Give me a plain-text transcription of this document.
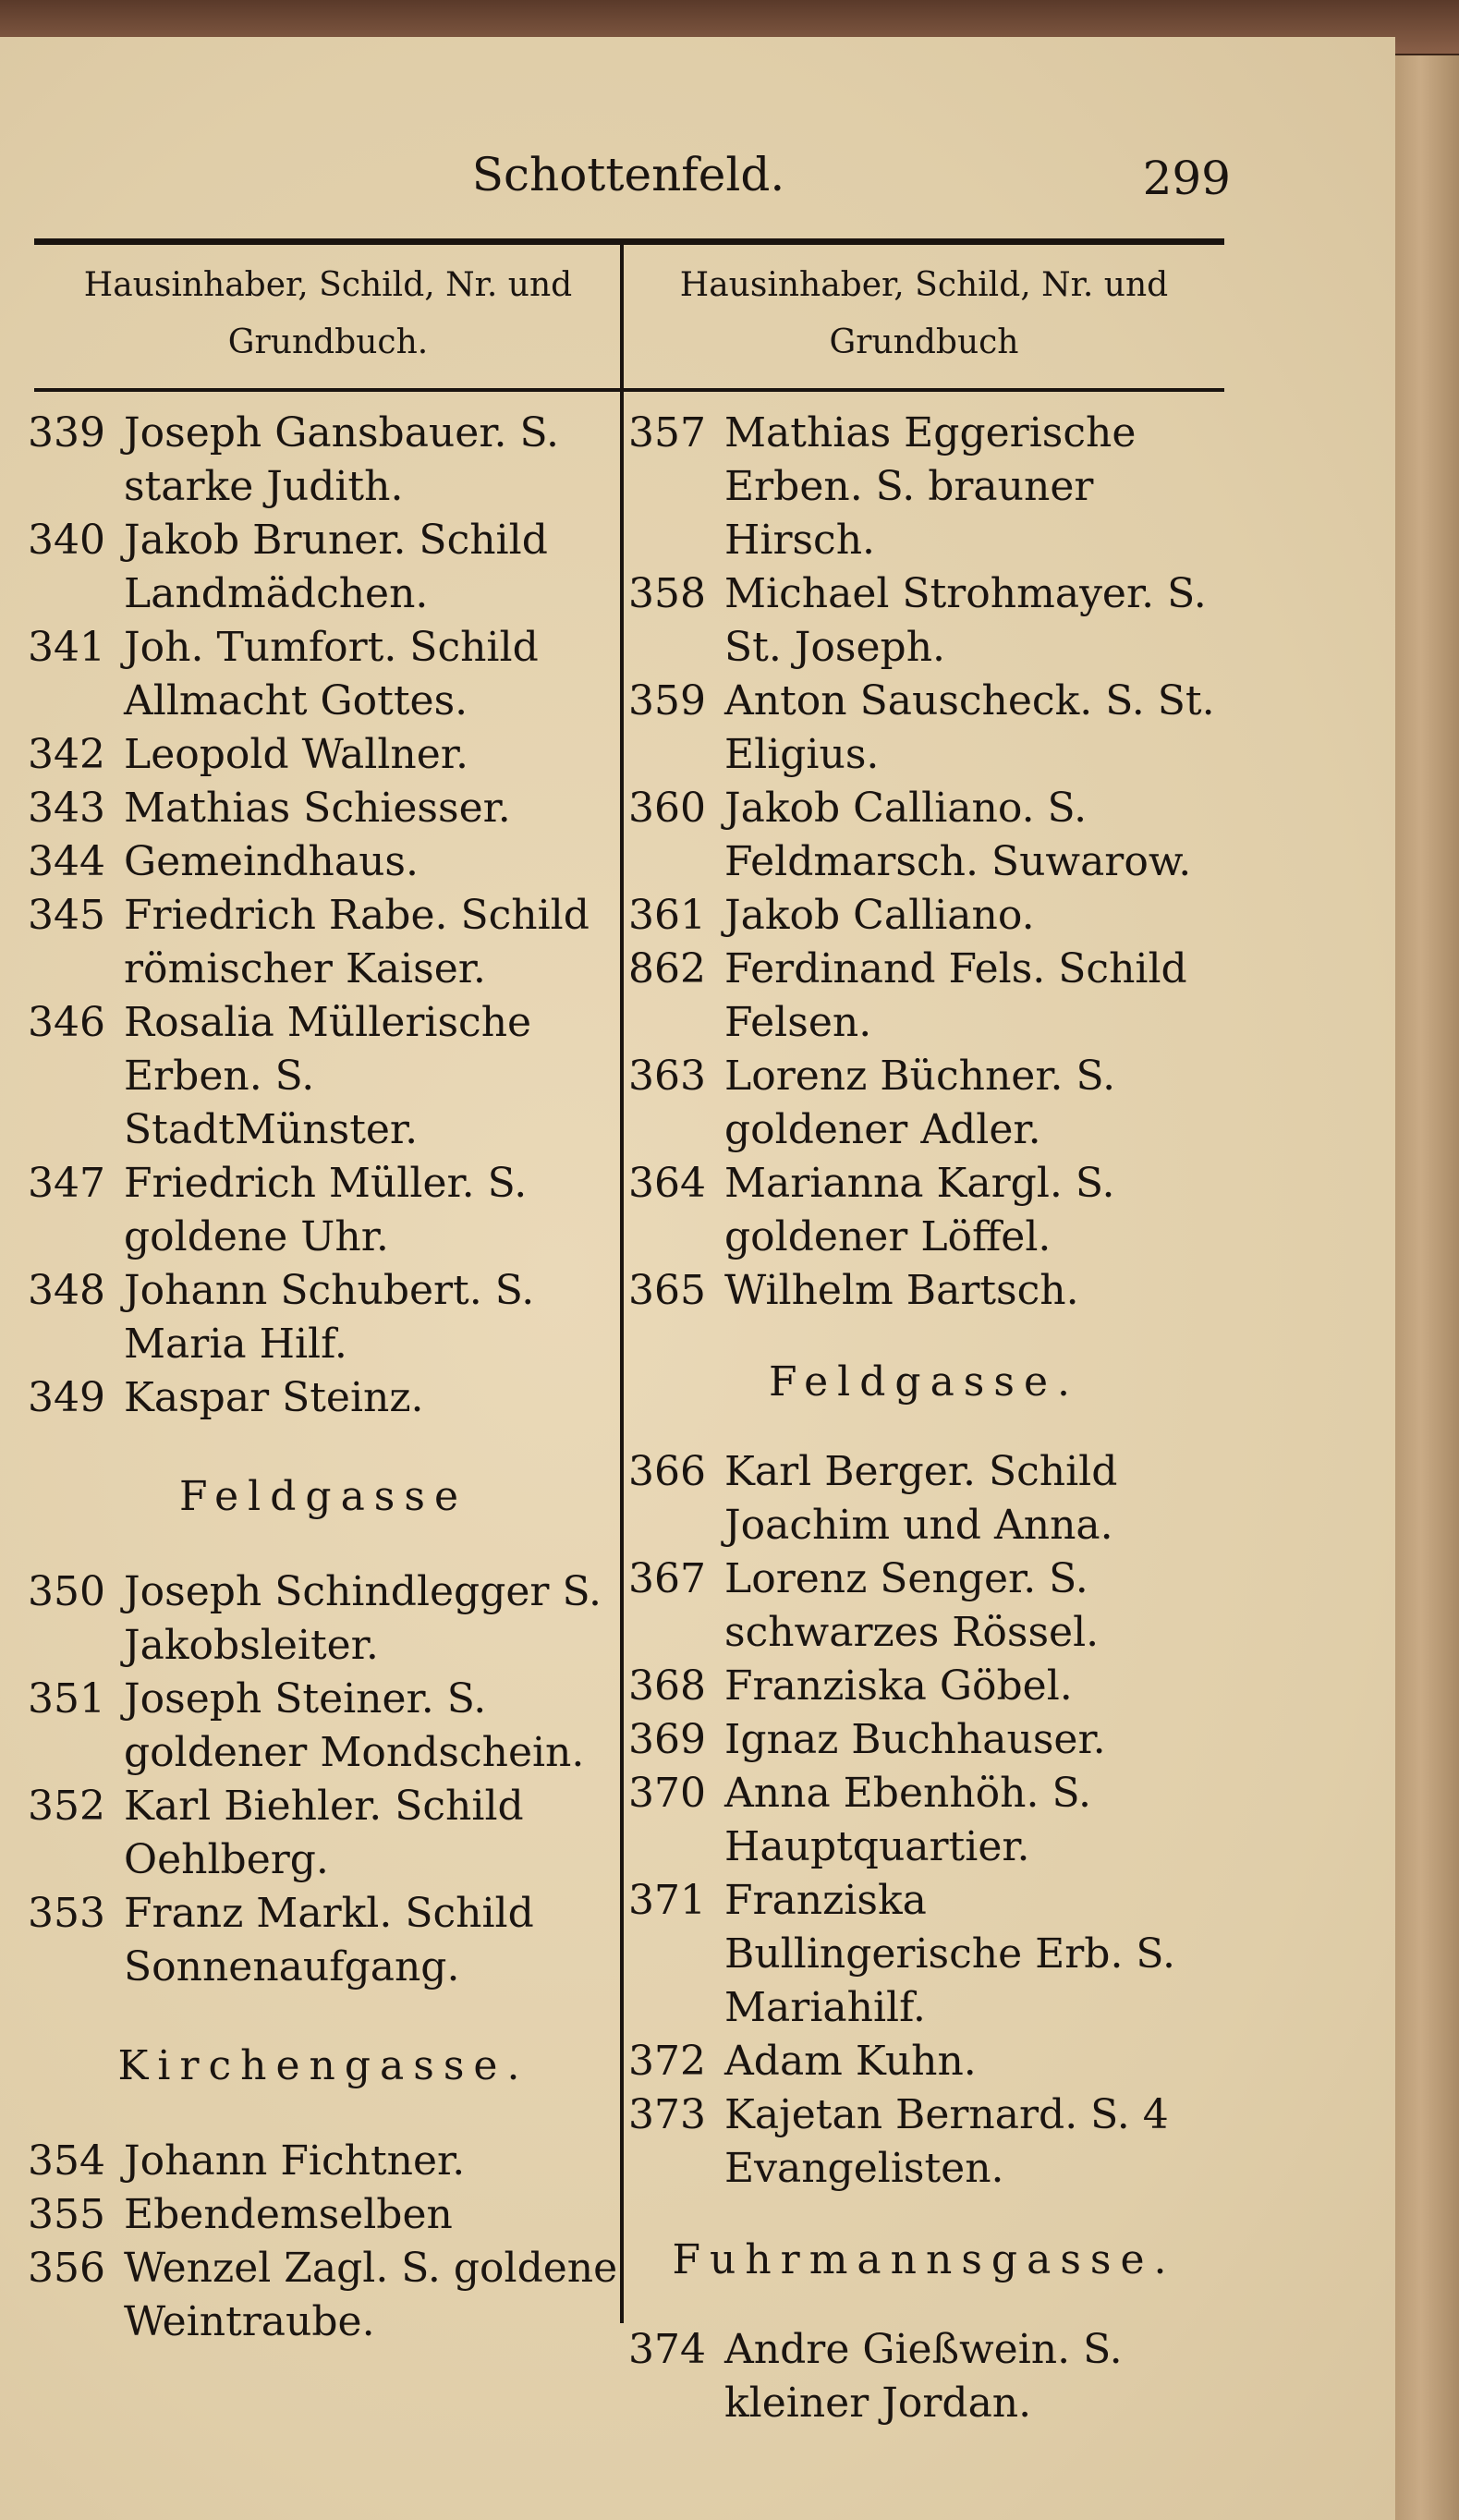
Schottenfeld.	299
Hausinhaber, Schild, Nr. und Grundbuch.
Hausinhaber, Schild, Nr. und Grundbuch
339 Joseph Gansbauer. S. starke Judith.
340 Jakob Bruner. Schild Landmädchen.
341 Joh. Tumfort. Schild Allmacht Gottes.
342 Leopold Wallner.
343 Mathias Schiesser.
344 Gemeindhaus.
345 Friedrich Rabe. Schild römischer Kaiser.
346 Rosalia Müllerische Erben. S. StadtMünster.
347 Friedrich Müller. S. goldene Uhr.
348 Johann Schubert. S. Maria Hilf.
349 Kaspar Steinz.
Feldgasse
350 Joseph Schindlegger S. Jakobsleiter.
351 Joseph Steiner. S. goldener Mondschein.
352 Karl Biehler. Schild Oehlberg.
353 Franz Markl. Schild Sonnenaufgang.
Kirchengasse.
354 Johann Fichtner.
355 Ebendemselben
356 Wenzel Zagl. S. goldene Weintraube.
357 Mathias Eggerische Erben. S. brauner Hirsch.
358 Michael Strohmayer. S. St. Joseph.
359 Anton Sauscheck. S. St. Eligius.
360 Jakob Calliano. S. Feldmarsch. Suwarow.
361 Jakob Calliano.
862 Ferdinand Fels. Schild Felsen.
363 Lorenz Büchner. S. goldener Adler.
364 Marianna Kargl. S. goldener Löffel.
365 Wilhelm Bartsch.
Feldgasse.
366 Karl Berger. Schild Joachim und Anna.
367 Lorenz Senger. S. schwarzes Rössel.
368 Franziska Göbel.
369 Ignaz Buchhauser.
370 Anna Ebenhöh. S. Hauptquartier.
371 Franziska Bullingerische Erb. S. Mariahilf.
372 Adam Kuhn.
373 Kajetan Bernard. S. 4 Evangelisten.
Fuhrmannsgasse.
374 Andre Gießwein. S. kleiner Jordan.
